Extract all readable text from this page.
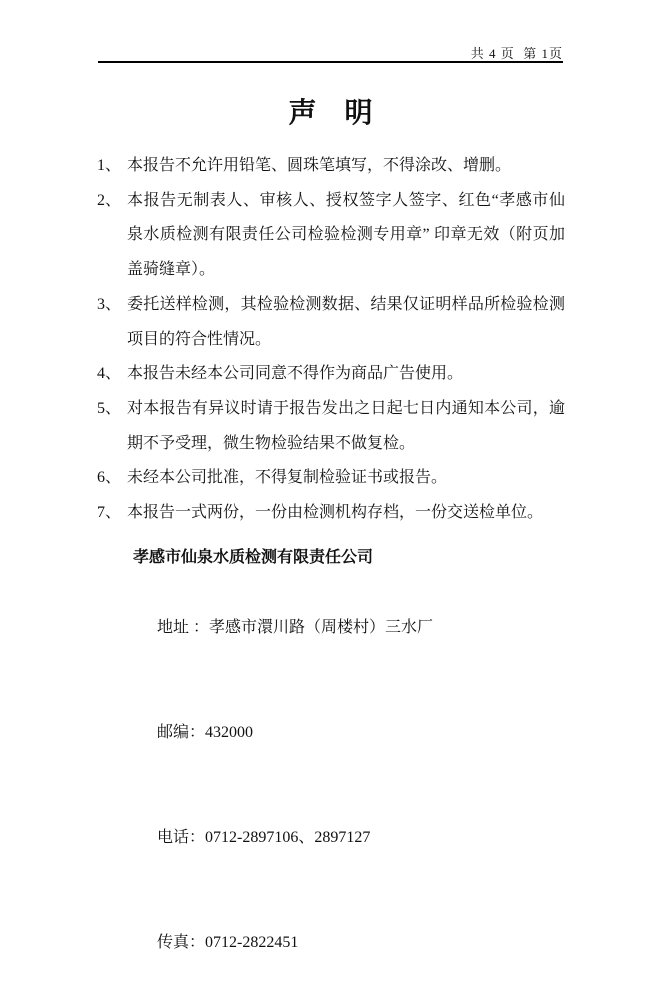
共 4 页  第 1页
声　明
1、 本报告不允许用铅笔、圆珠笔填写，不得涂改、增删。
2、 本报告无制表人、审核人、授权签字人签字、红色“孝感市仙泉水质检测有限责任公司检验检测专用章” 印章无效（附页加盖骑缝章）。
3、 委托送样检测，其检验检测数据、结果仅证明样品所检验检测项目的符合性情况。
4、 本报告未经本公司同意不得作为商品广告使用。
5、 对本报告有异议时请于报告发出之日起七日内通知本公司，逾期不予受理，微生物检验结果不做复检。
6、 未经本公司批准，不得复制检验证书或报告。
7、 本报告一式两份，一份由检测机构存档，一份交送检单位。
孝感市仙泉水质检测有限责任公司

地址 ：孝感市澴川路（周楼村）三水厂

邮编：432000

电话：0712-2897106、2897127

传真：0712-2822451
